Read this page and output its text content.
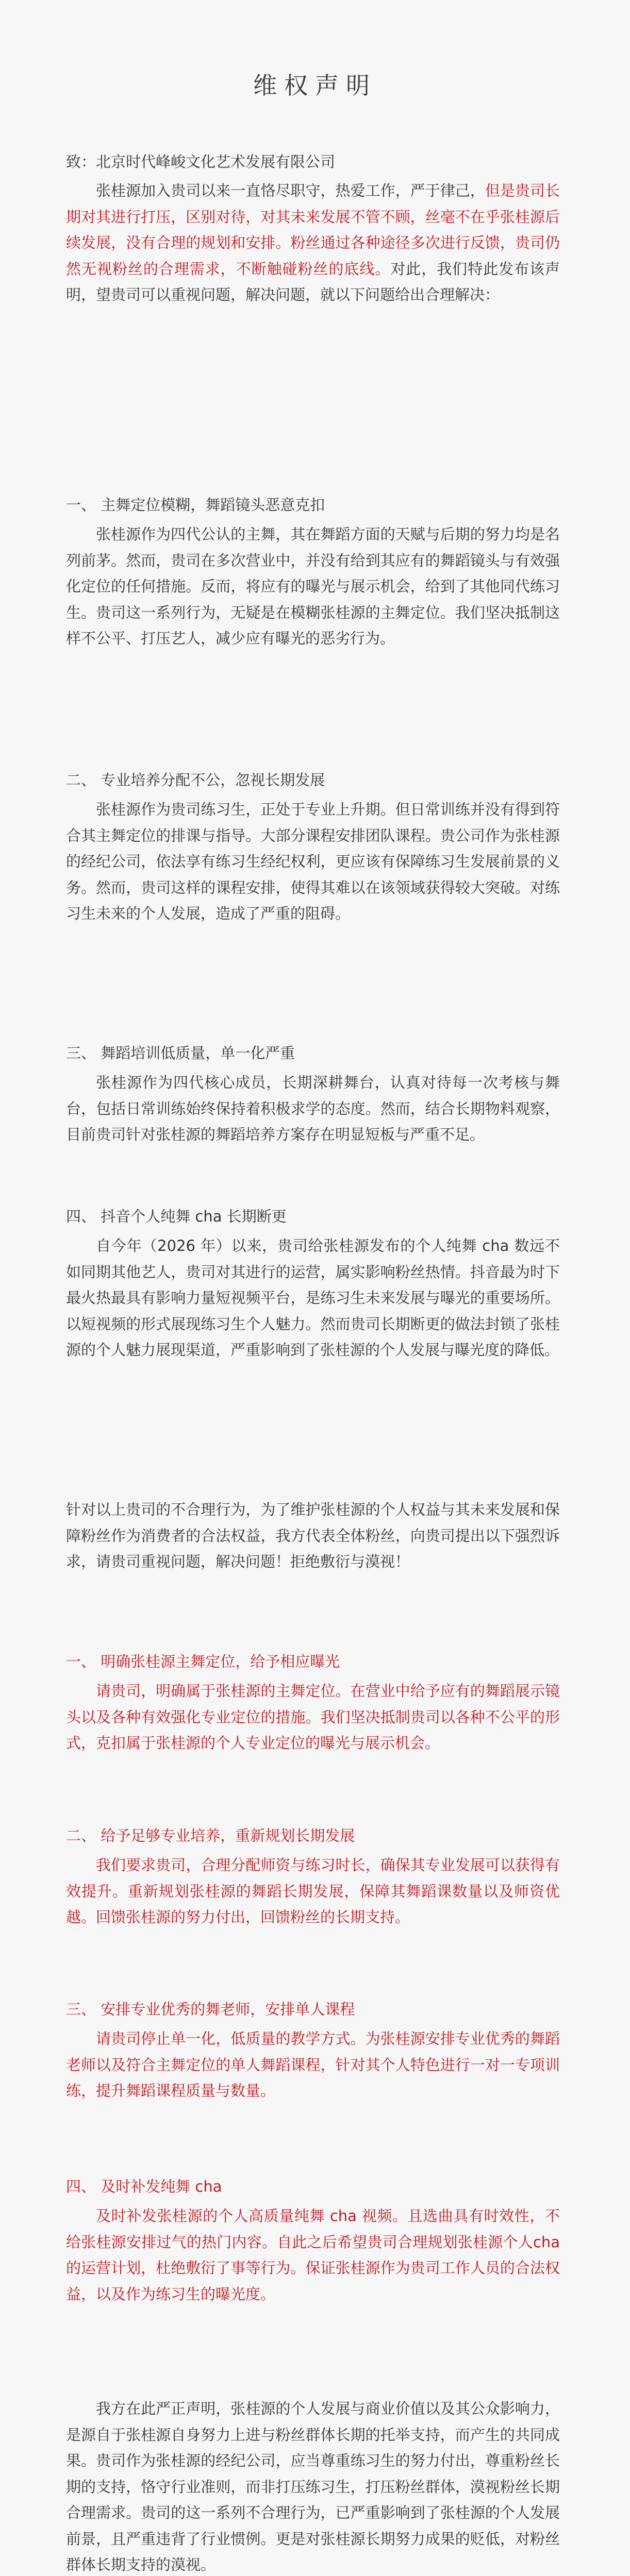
维权声明

致：北京时代峰峻文化艺术发展有限公司

张桂源加入贵司以来一直恪尽职守，热爱工作，严于律己，但是贵司长期对其进行打压，区别对待，对其未来发展不管不顾，丝毫不在乎张桂源后续发展，没有合理的规划和安排。粉丝通过各种途径多次进行反馈，贵司仍然无视粉丝的合理需求，不断触碰粉丝的底线。对此，我们特此发布该声明，望贵司可以重视问题，解决问题，就以下问题给出合理解决：

一、 主舞定位模糊，舞蹈镜头恶意克扣

张桂源作为四代公认的主舞，其在舞蹈方面的天赋与后期的努力均是名列前茅。然而，贵司在多次营业中，并没有给到其应有的舞蹈镜头与有效强化定位的任何措施。反而，将应有的曝光与展示机会，给到了其他同代练习生。贵司这一系列行为，无疑是在模糊张桂源的主舞定位。我们坚决抵制这样不公平、打压艺人，减少应有曝光的恶劣行为。

二、 专业培养分配不公，忽视长期发展

张桂源作为贵司练习生，正处于专业上升期。但日常训练并没有得到符合其主舞定位的排课与指导。大部分课程安排团队课程。贵公司作为张桂源的经纪公司，依法享有练习生经纪权利，更应该有保障练习生发展前景的义务。然而，贵司这样的课程安排，使得其难以在该领域获得较大突破。对练习生未来的个人发展，造成了严重的阻碍。

三、 舞蹈培训低质量，单一化严重

张桂源作为四代核心成员，长期深耕舞台，认真对待每一次考核与舞台，包括日常训练始终保持着积极求学的态度。然而，结合长期物料观察，目前贵司针对张桂源的舞蹈培养方案存在明显短板与严重不足。

四、 抖音个人纯舞 cha 长期断更

自今年（2026 年）以来，贵司给张桂源发布的个人纯舞 cha 数远不如同期其他艺人，贵司对其进行的运营，属实影响粉丝热情。抖音最为时下最火热最具有影响力量短视频平台，是练习生未来发展与曝光的重要场所。以短视频的形式展现练习生个人魅力。然而贵司长期断更的做法封锁了张桂源的个人魅力展现渠道，严重影响到了张桂源的个人发展与曝光度的降低。

针对以上贵司的不合理行为，为了维护张桂源的个人权益与其未来发展和保障粉丝作为消费者的合法权益，我方代表全体粉丝，向贵司提出以下强烈诉求，请贵司重视问题，解决问题！拒绝敷衍与漠视！

一、 明确张桂源主舞定位，给予相应曝光

请贵司，明确属于张桂源的主舞定位。在营业中给予应有的舞蹈展示镜头以及各种有效强化专业定位的措施。我们坚决抵制贵司以各种不公平的形式，克扣属于张桂源的个人专业定位的曝光与展示机会。

二、 给予足够专业培养，重新规划长期发展

我们要求贵司，合理分配师资与练习时长，确保其专业发展可以获得有效提升。重新规划张桂源的舞蹈长期发展，保障其舞蹈课数量以及师资优越。回馈张桂源的努力付出，回馈粉丝的长期支持。

三、 安排专业优秀的舞老师，安排单人课程

请贵司停止单一化，低质量的教学方式。为张桂源安排专业优秀的舞蹈老师以及符合主舞定位的单人舞蹈课程，针对其个人特色进行一对一专项训练，提升舞蹈课程质量与数量。

四、 及时补发纯舞 cha

及时补发张桂源的个人高质量纯舞 cha 视频。且选曲具有时效性，不给张桂源安排过气的热门内容。自此之后希望贵司合理规划张桂源个人cha的运营计划，杜绝敷衍了事等行为。保证张桂源作为贵司工作人员的合法权益，以及作为练习生的曝光度。

我方在此严正声明，张桂源的个人发展与商业价值以及其公众影响力，是源自于张桂源自身努力上进与粉丝群体长期的托举支持，而产生的共同成果。贵司作为张桂源的经纪公司，应当尊重练习生的努力付出，尊重粉丝长期的支持，恪守行业准则，而非打压练习生，打压粉丝群体，漠视粉丝长期合理需求。贵司的这一系列不合理行为，已严重影响到了张桂源的个人发展前景，且严重违背了行业惯例。更是对张桂源长期努力成果的贬低，对粉丝群体长期支持的漠视。
